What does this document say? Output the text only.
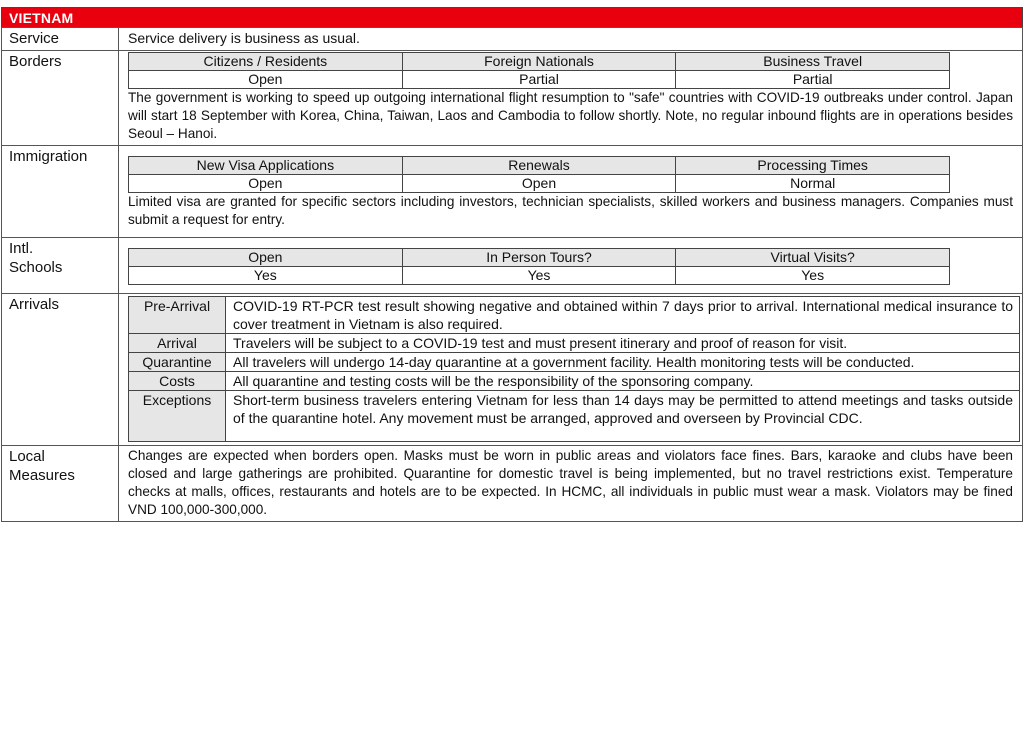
VIETNAM
Service	Service delivery is business as usual.

Borders		Citizens / Residents	Foreign Nationals	Business Travel
Open	Partial	Partial
The government is working to speed up outgoing international flight resumption to "safe" countries with COVID-19 outbreaks under control. Japan will start 18 September with Korea, China, Taiwan, Laos and Cambodia to follow shortly. Note, no regular inbound flights are in operations besides Seoul – Hanoi.

Immigration		New Visa Applications	Renewals	Processing Times
Open	Open	Normal
Limited visa are granted for specific sectors including investors, technician specialists, skilled workers and business managers. Companies must submit a request for entry.

Intl.
Schools

Open	In Person Tours?	Virtual Visits?
Yes	Yes	Yes

Arrivals		Pre-Arrival	COVID-19 RT-PCR test result showing negative and obtained within 7 days prior to arrival. International medical insurance to cover treatment in Vietnam is also required.
Arrival	Travelers will be subject to a COVID-19 test and must present itinerary and proof of reason for visit.
Quarantine	All travelers will undergo 14-day quarantine at a government facility. Health monitoring tests will be conducted.
Costs	All quarantine and testing costs will be the responsibility of the sponsoring company.
Exceptions	Short-term business travelers entering Vietnam for less than 14 days may be permitted to attend meetings and tasks outside of the quarantine hotel. Any movement must be arranged, approved and overseen by Provincial CDC.

Local
Measures

Changes are expected when borders open. Masks must be worn in public areas and violators face fines. Bars, karaoke and clubs have been closed and large gatherings are prohibited. Quarantine for domestic travel is being implemented, but no travel restrictions exist. Temperature checks at malls, offices, restaurants and hotels are to be expected. In HCMC, all individuals in public must wear a mask. Violators may be fined VND 100,000-300,000.
